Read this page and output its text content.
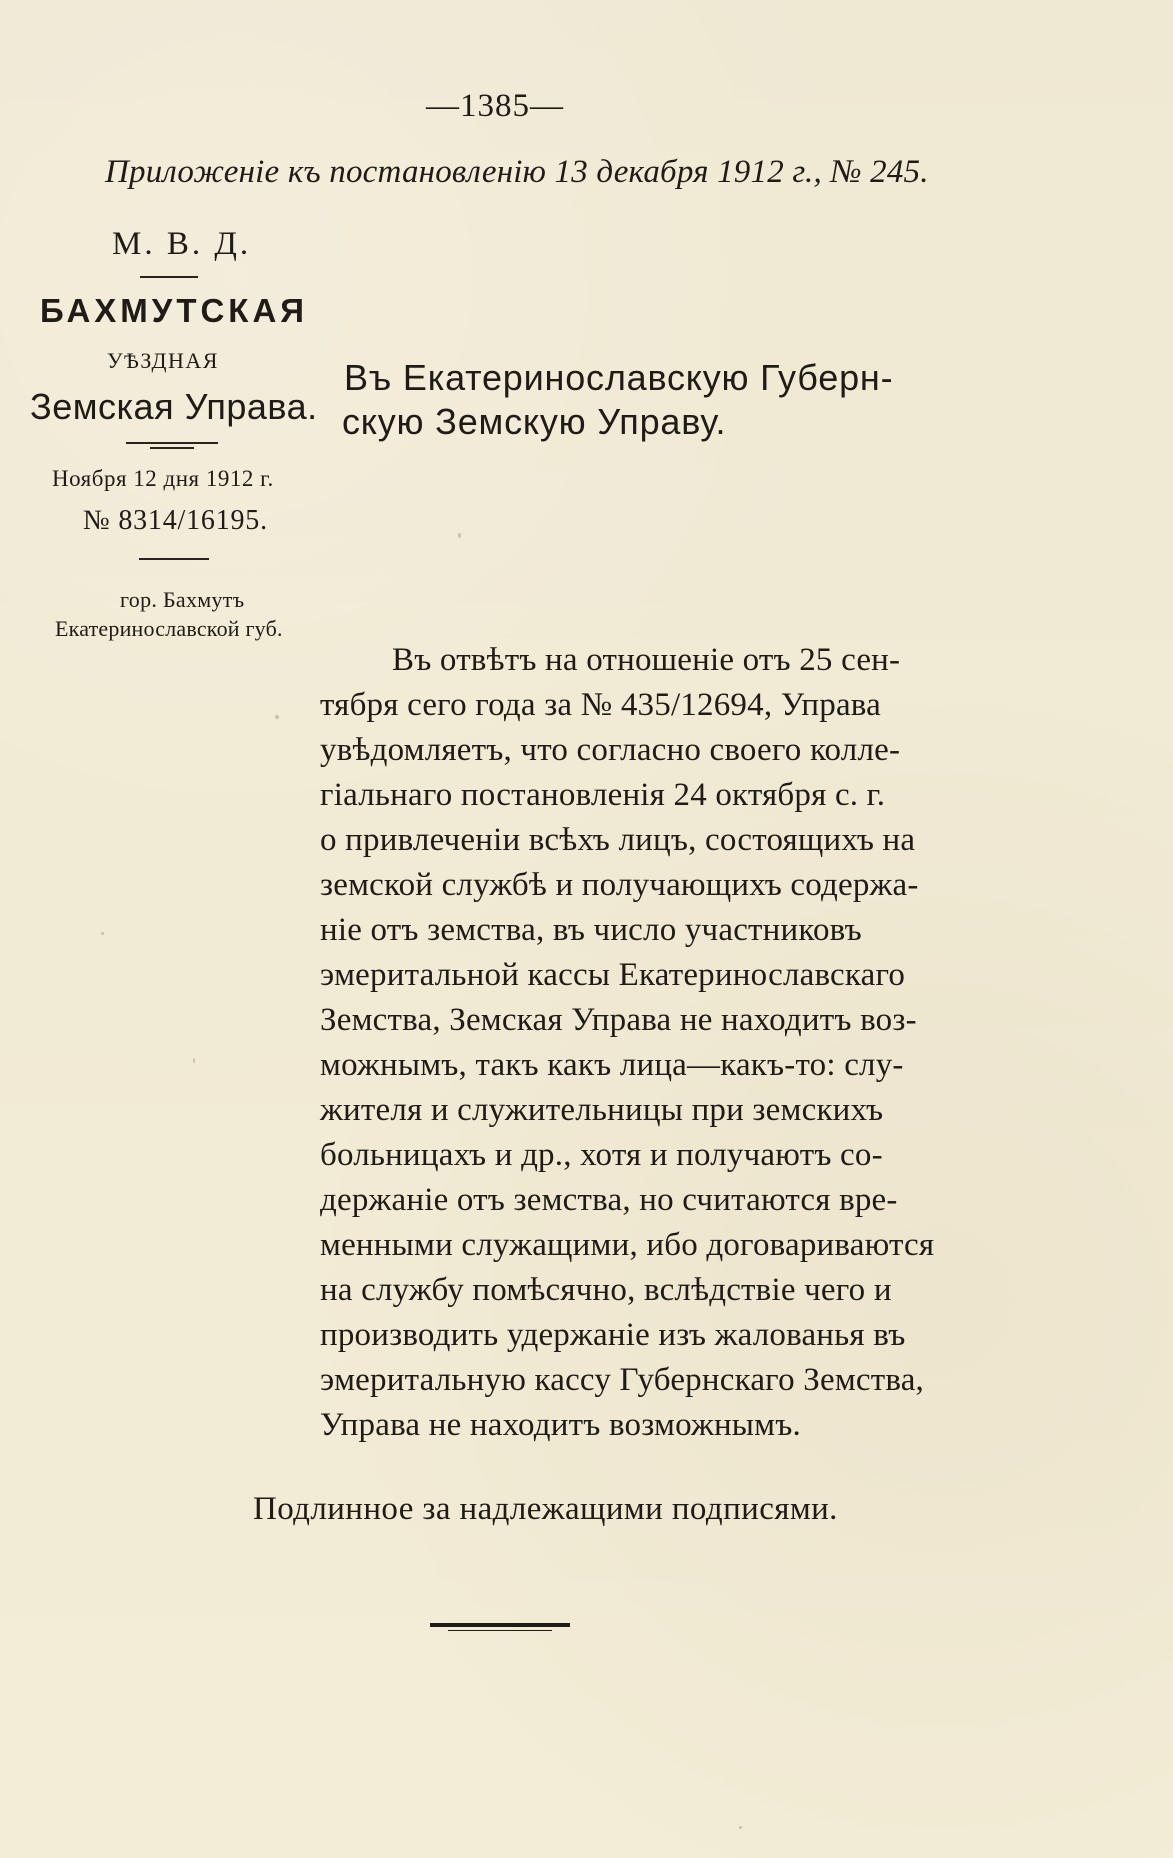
—1385—
Приложенiе къ постановленiю 13 декабря 1912 г., № 245.
М. В. Д.
БАХМУТСКАЯ
УѢЗДНАЯ
Земская Управа.
Ноября 12 дня 1912 г.
№ 8314/16195.
гор. Бахмутъ
Екатеринославской губ.
Въ Екатеринославскую Губерн-
скую Земскую Управу.
Въ отвѣтъ на отношенiе отъ 25 сен-
тября сего года за № 435/12694, Управа
увѣдомляетъ, что согласно своего колле-
гiальнаго постановленiя 24 октября с. г.
о привлеченiи всѣхъ лицъ, состоящихъ на
земской службѣ и получающихъ содержа-
нiе отъ земства, въ число участниковъ
эмеритальной кассы Екатеринославскаго
Земства, Земская Управа не находитъ воз-
можнымъ, такъ какъ лица—какъ-то: слу-
жителя и служительницы при земскихъ
больницахъ и др., хотя и получаютъ со-
держанiе отъ земства, но считаются вре-
менными служащими, ибо договариваются
на службу помѣсячно, вслѣдствiе чего и
производить удержанiе изъ жалованья въ
эмеритальную кассу Губернскаго Земства,
Управа не находитъ возможнымъ.
Подлинное за надлежащими подписями.
